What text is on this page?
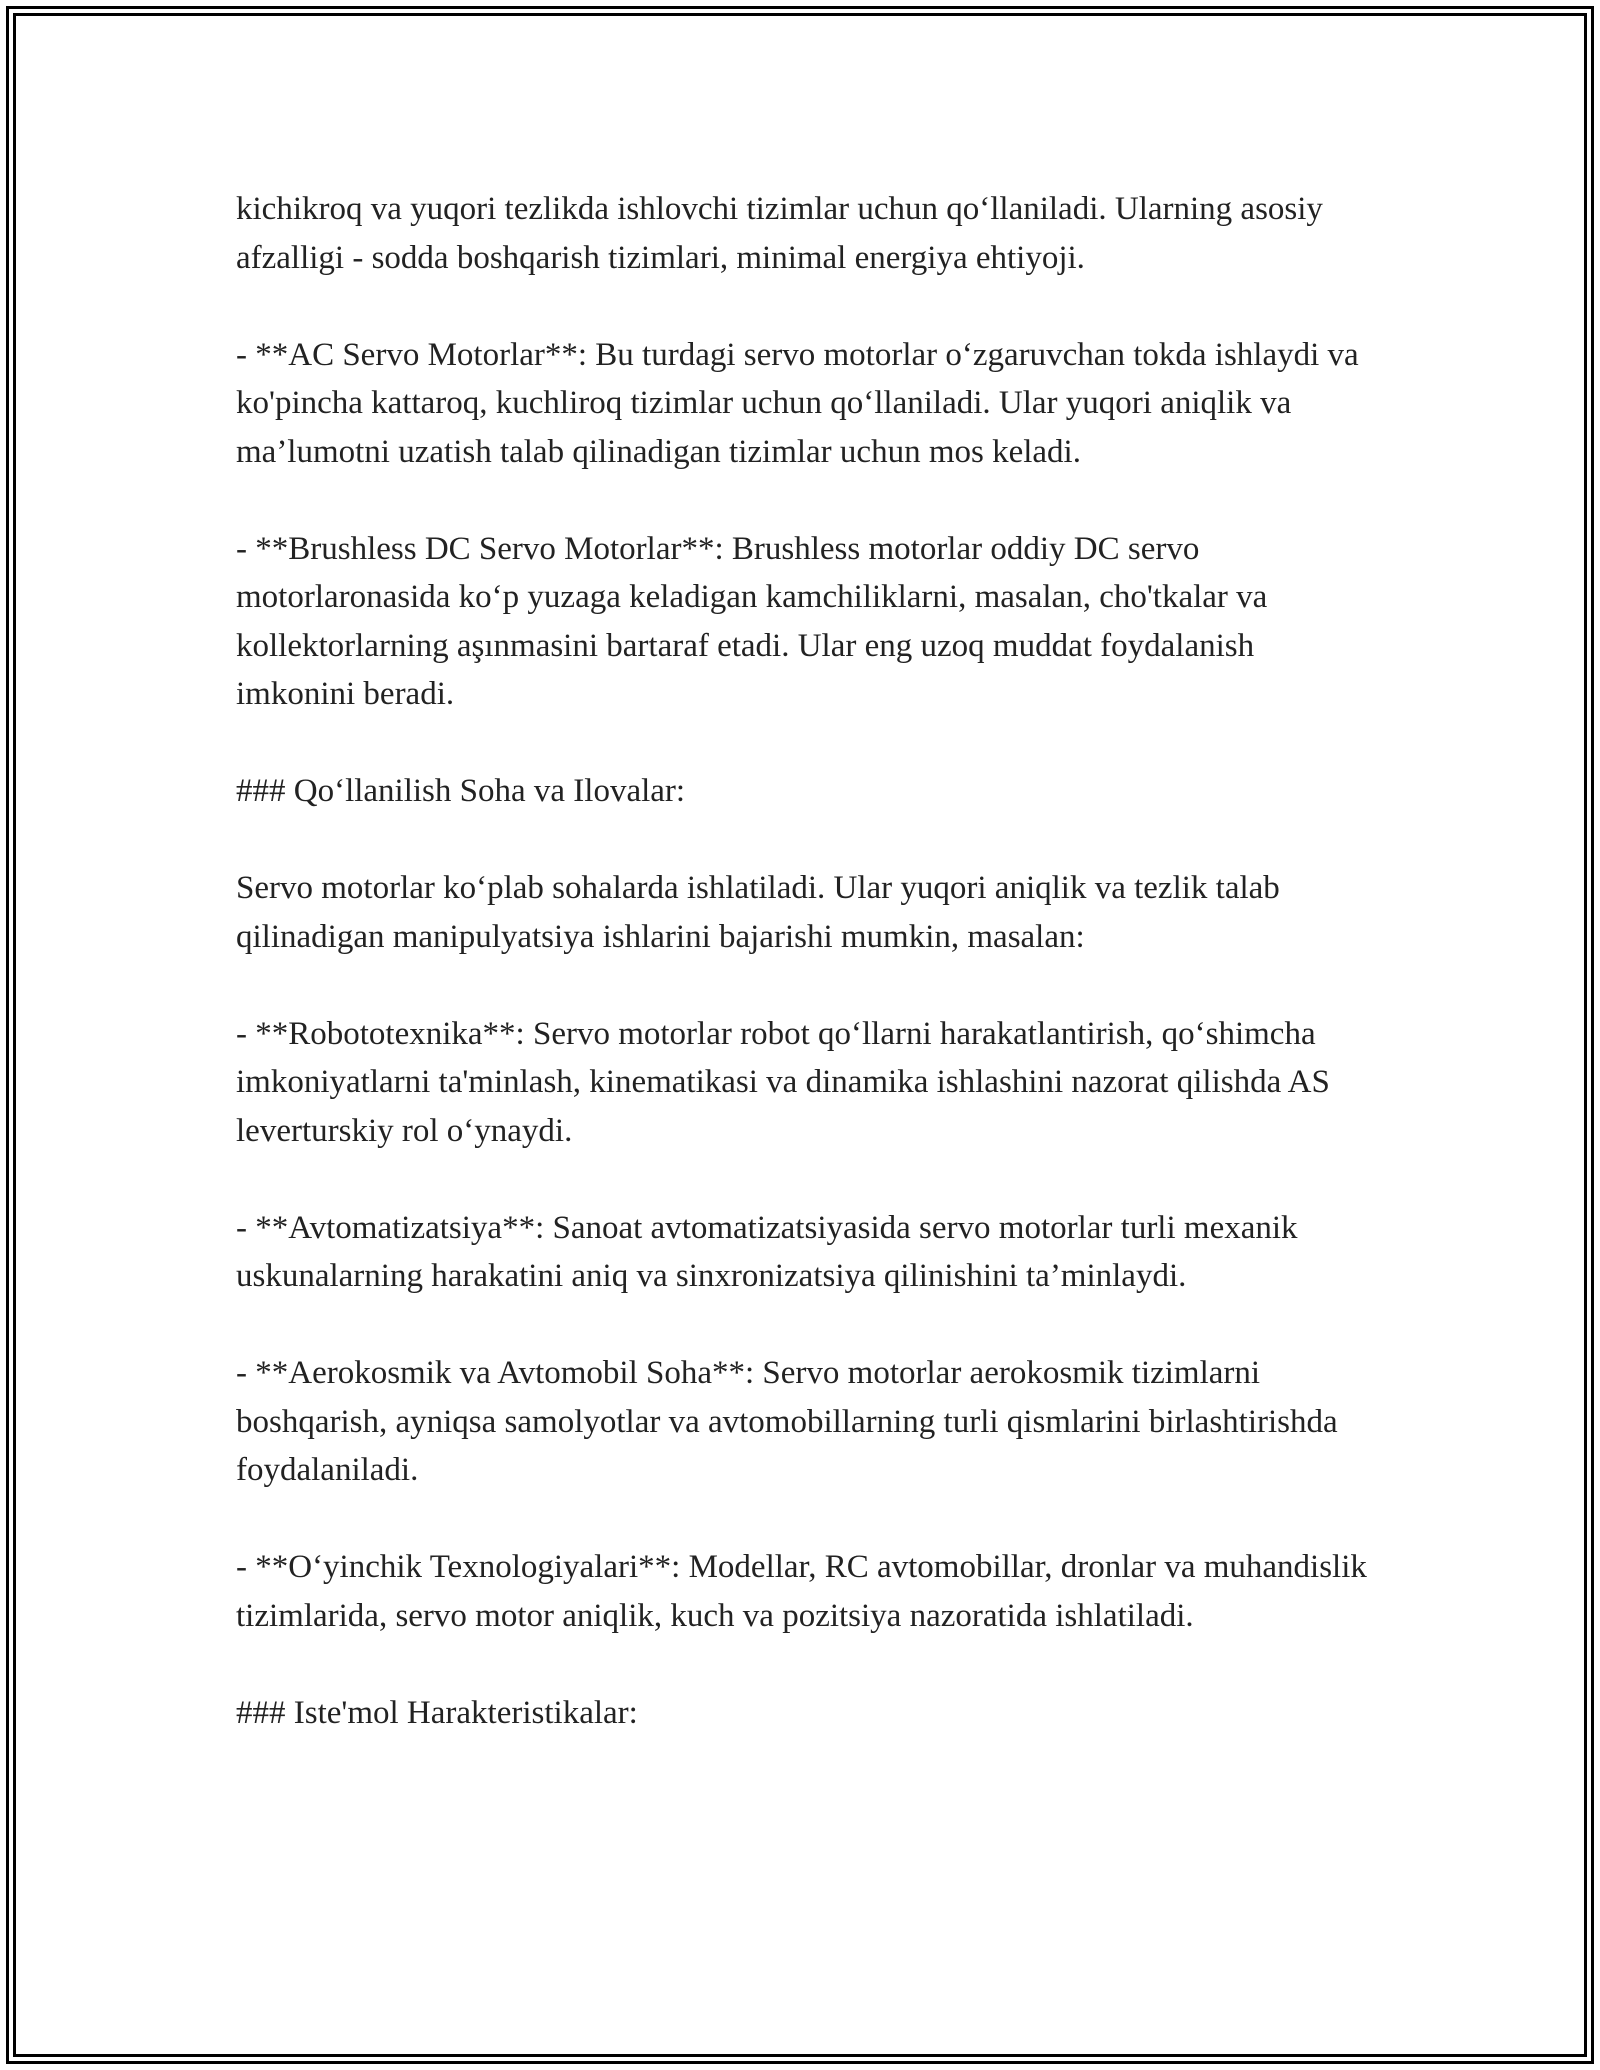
kichikroq va yuqori tezlikda ishlovchi tizimlar uchun qo‘llaniladi. Ularning asosiy afzalligi - sodda boshqarish tizimlari, minimal energiya ehtiyoji.

- **AC Servo Motorlar**: Bu turdagi servo motorlar o‘zgaruvchan tokda ishlaydi va ko'pincha kattaroq, kuchliroq tizimlar uchun qo‘llaniladi. Ular yuqori aniqlik va ma’lumotni uzatish talab qilinadigan tizimlar uchun mos keladi.

- **Brushless DC Servo Motorlar**: Brushless motorlar oddiy DC servo motorlaronasida ko‘p yuzaga keladigan kamchiliklarni, masalan, cho'tkalar va kollektorlarning aşınmasini bartaraf etadi. Ular eng uzoq muddat foydalanish imkonini beradi.

### Qo‘llanilish Soha va Ilovalar:

Servo motorlar ko‘plab sohalarda ishlatiladi. Ular yuqori aniqlik va tezlik talab qilinadigan manipulyatsiya ishlarini bajarishi mumkin, masalan:

- **Robototexnika**: Servo motorlar robot qo‘llarni harakatlantirish, qo‘shimcha imkoniyatlarni ta'minlash, kinematikasi va dinamika ishlashini nazorat qilishda AS leverturskiy rol o‘ynaydi.

- **Avtomatizatsiya**: Sanoat avtomatizatsiyasida servo motorlar turli mexanik uskunalarning harakatini aniq va sinxronizatsiya qilinishini ta’minlaydi.

- **Aerokosmik va Avtomobil Soha**: Servo motorlar aerokosmik tizimlarni boshqarish, ayniqsa samolyotlar va avtomobillarning turli qismlarini birlashtirishda foydalaniladi.

- **O‘yinchik Texnologiyalari**: Modellar, RC avtomobillar, dronlar va muhandislik tizimlarida, servo motor aniqlik, kuch va pozitsiya nazoratida ishlatiladi.

### Iste'mol Harakteristikalar:
